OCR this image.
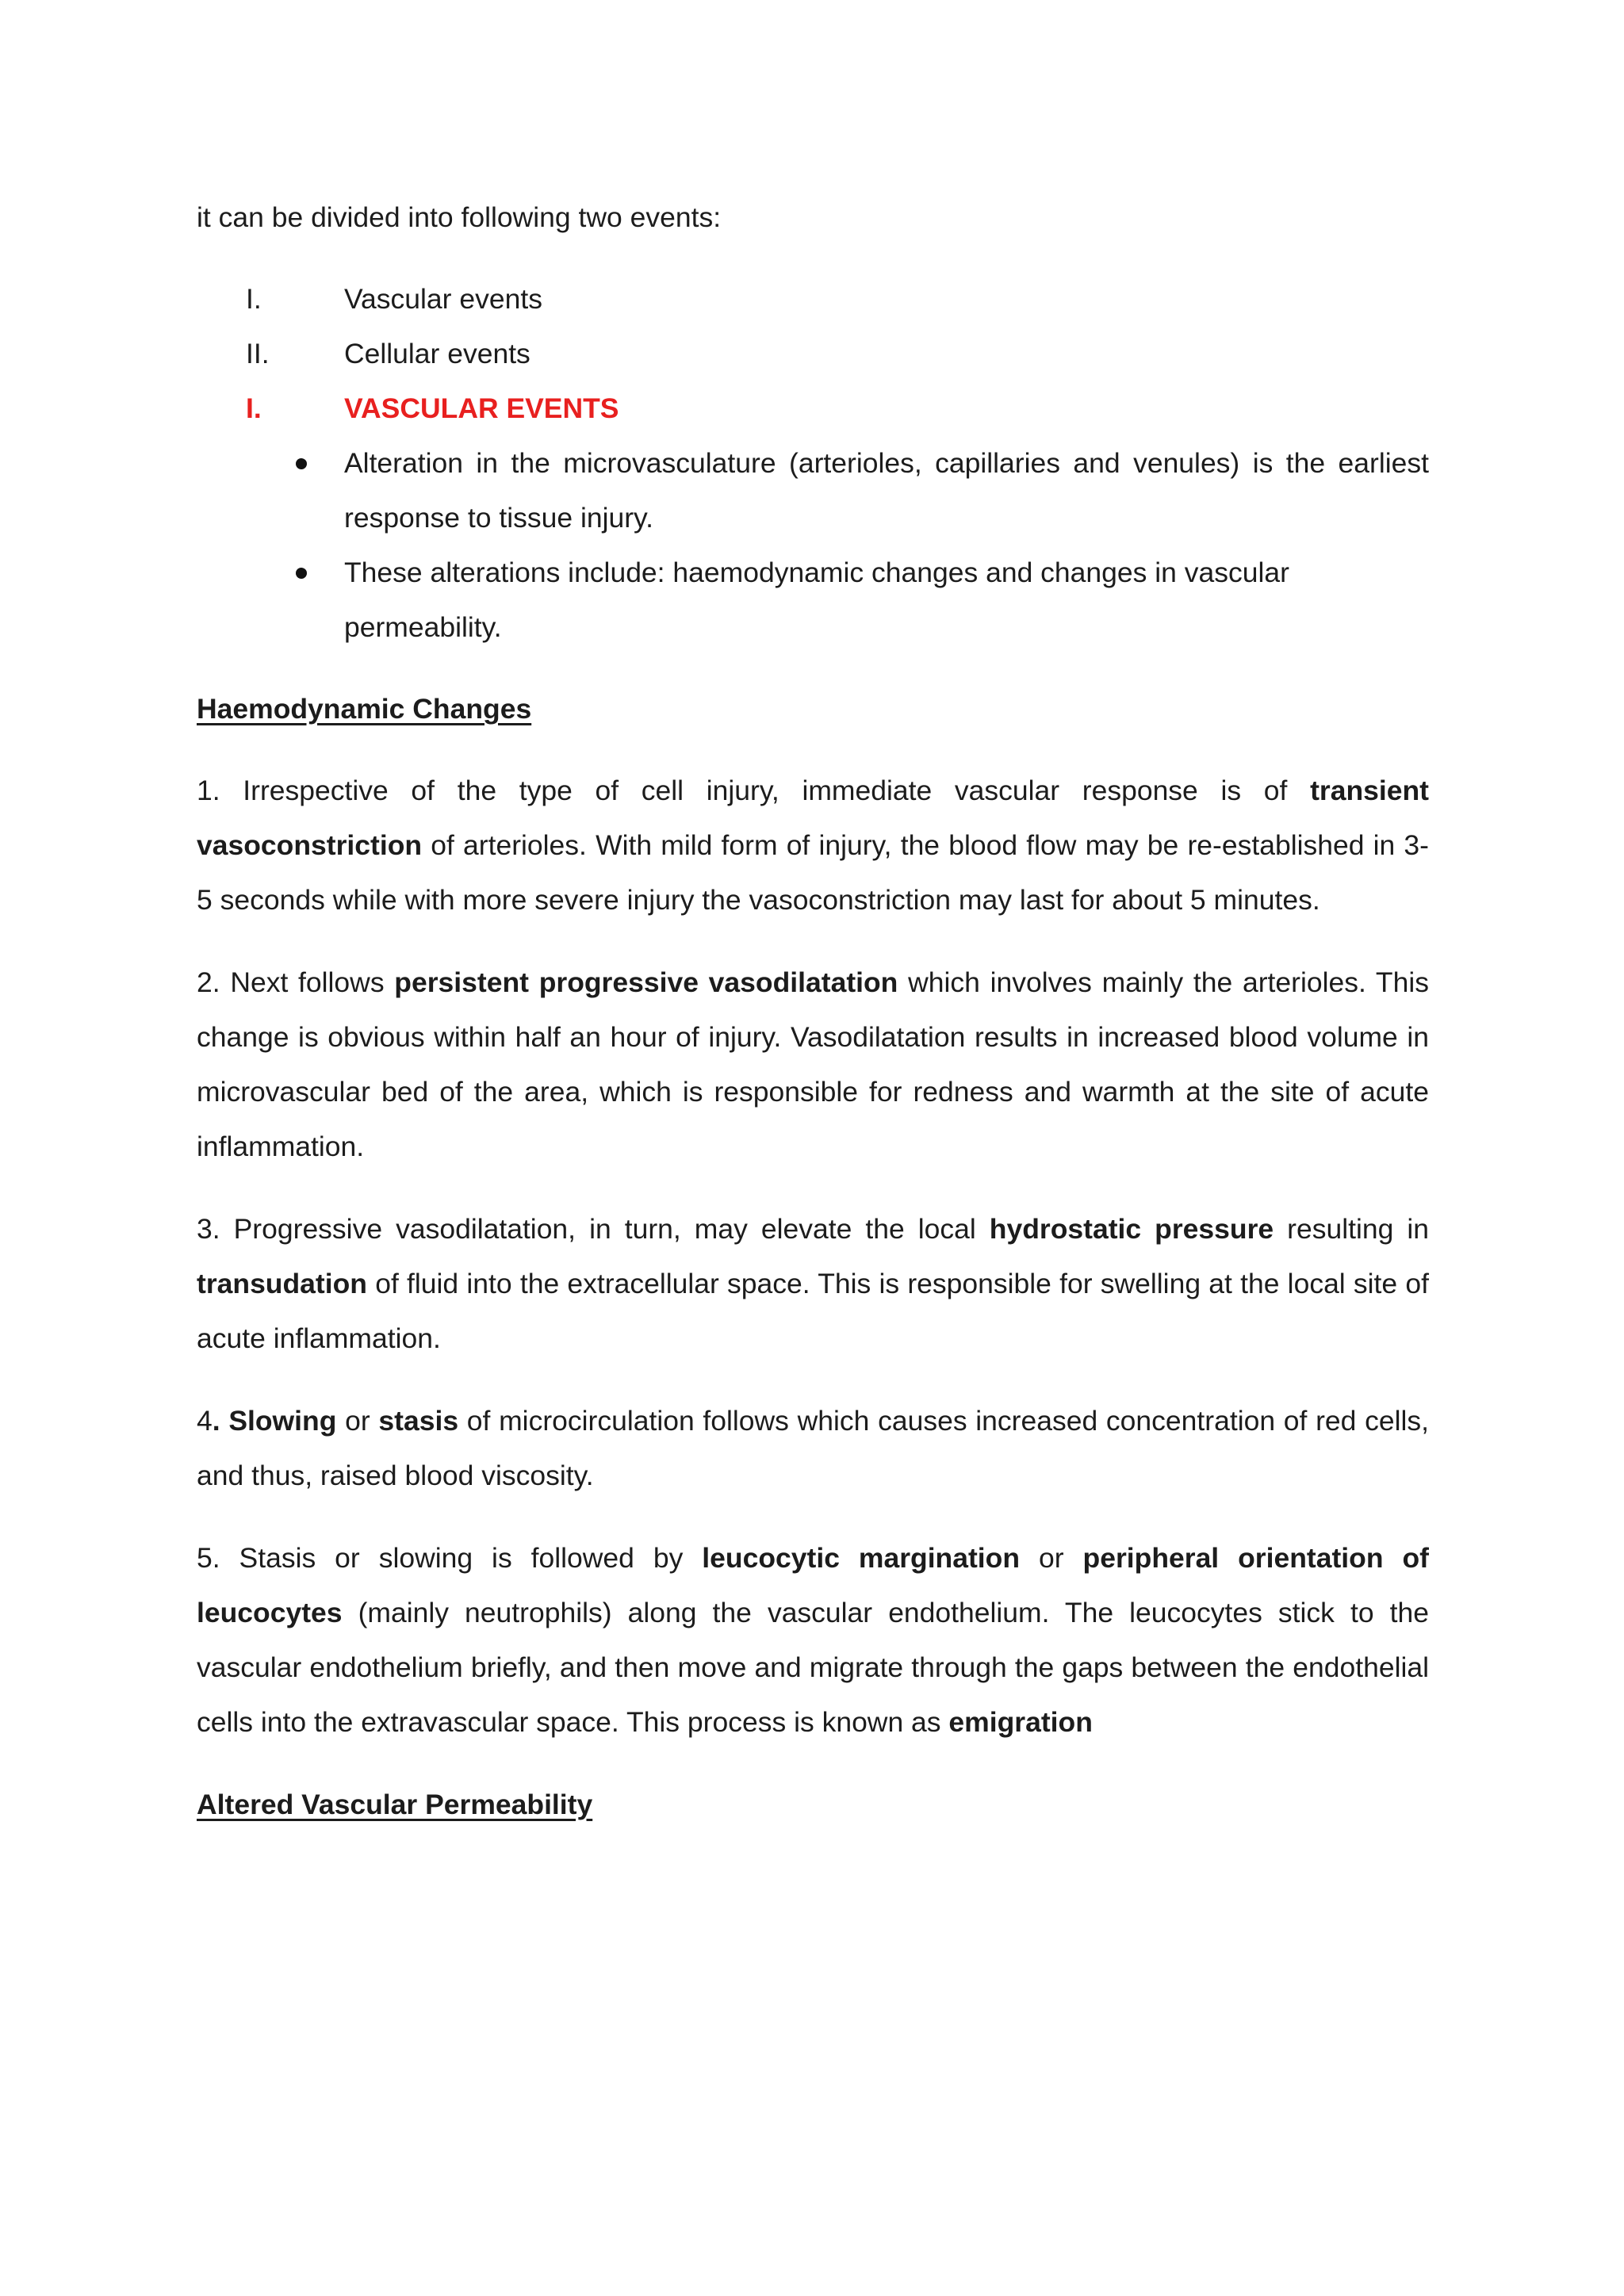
it can be divided into following two events:

I.	Vascular events
II.	Cellular events
I.	VASCULAR EVENTS
Alteration in the microvasculature (arterioles, capillaries and venules) is the earliest response to tissue injury.
These alterations include: haemodynamic changes and changes in vascular permeability.

Haemodynamic Changes

1. Irrespective of the type of cell injury, immediate vascular response is of transient vasoconstriction of arterioles. With mild form of injury, the blood flow may be re-established in 3-5 seconds while with more severe injury the vasoconstriction may last for about 5 minutes.

2. Next follows persistent progressive vasodilatation which involves mainly the arterioles. This change is obvious within half an hour of injury. Vasodilatation results in increased blood volume in microvascular bed of the area, which is responsible for redness and warmth at the site of acute inflammation.

3. Progressive vasodilatation, in turn, may elevate the local hydrostatic pressure resulting in transudation of fluid into the extracellular space. This is responsible for swelling at the local site of acute inflammation.

4. Slowing or stasis of microcirculation follows which causes increased concentration of red cells, and thus, raised blood viscosity.

5. Stasis or slowing is followed by leucocytic margination or peripheral orientation of leucocytes (mainly neutrophils) along the vascular endothelium. The leucocytes stick to the vascular endothelium briefly, and then move and migrate through the gaps between the endothelial cells into the extravascular space. This process is known as emigration

Altered Vascular Permeability
